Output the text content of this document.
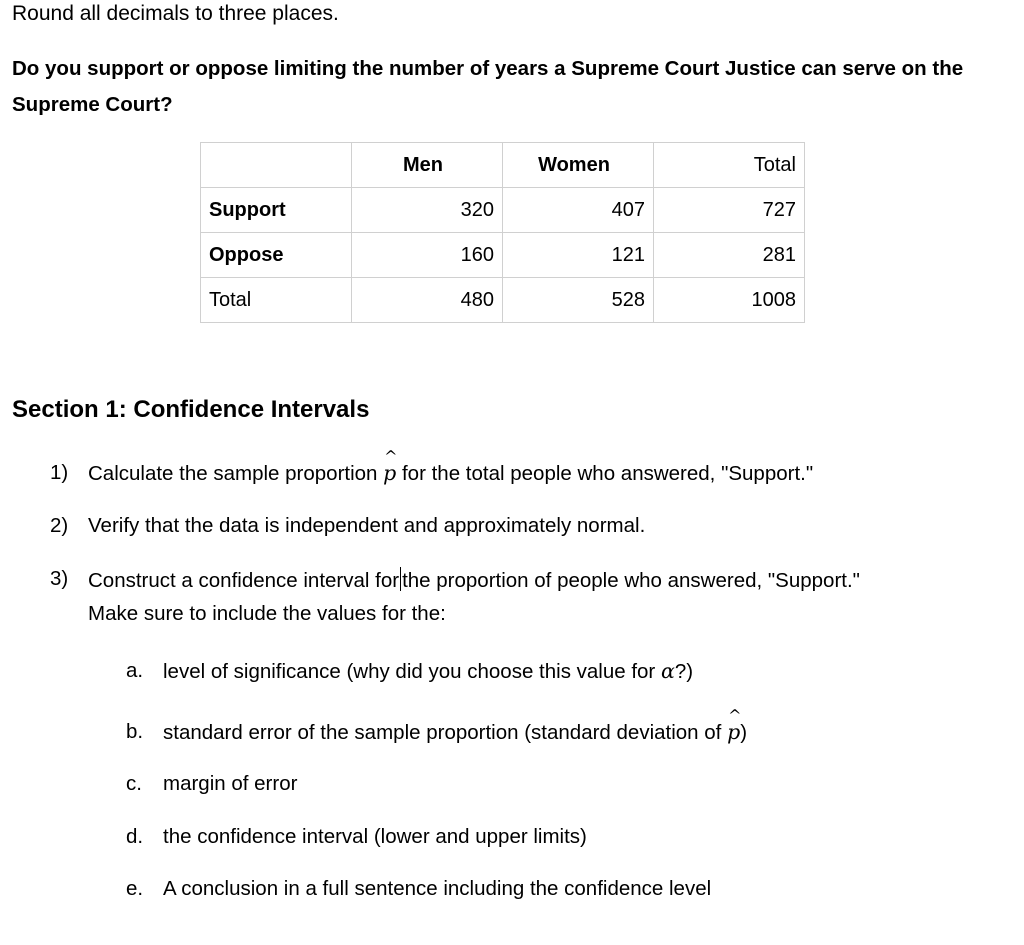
Round all decimals to three places.
Do you support or oppose limiting the number of years a Supreme Court Justice can serve on the Supreme Court?
	Men	Women	Total
Support	320	407	727
Oppose	160	121	281
Total	480	528	1008
Section 1: Confidence Intervals
1) Calculate the sample proportion
^
p for the total people who answered, "Support."
2) Verify that the data is independent and approximately normal.
3) Construct a confidence interval for the proportion of people who answered, "Support."
Make sure to include the values for the:
a. level of significance (why did you choose this value for α?)
b. standard error of the sample proportion (standard deviation of
^
p)
c. margin of error
d. the confidence interval (lower and upper limits)
e. A conclusion in a full sentence including the confidence level
